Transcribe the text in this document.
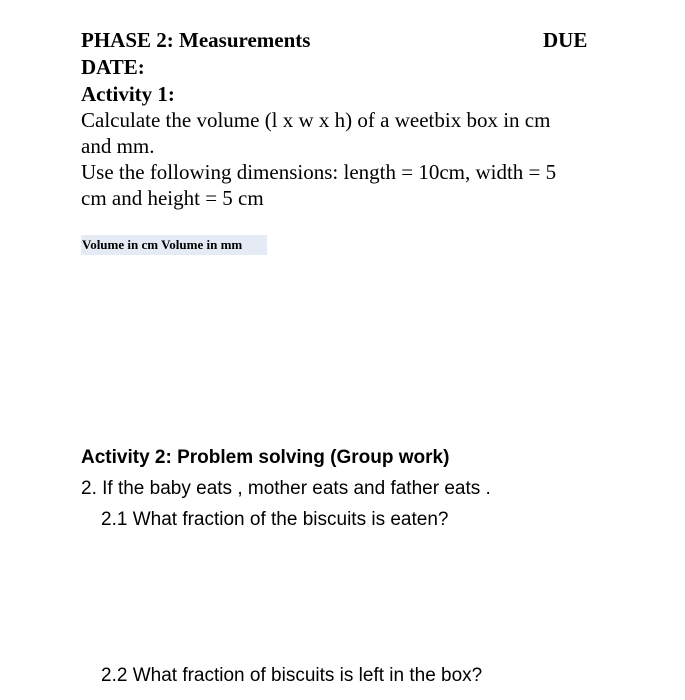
PHASE 2: Measurements	DUE
DATE:
Activity 1:
Calculate the volume (l x w x h) of a weetbix box in cm
and mm.
Use the following dimensions: length = 10cm, width = 5
cm and height = 5 cm
Volume in cm Volume in mm
Activity 2: Problem solving (Group work)
2. If the baby eats , mother eats and father eats .
2.1 What fraction of the biscuits is eaten?
2.2 What fraction of biscuits is left in the box?
